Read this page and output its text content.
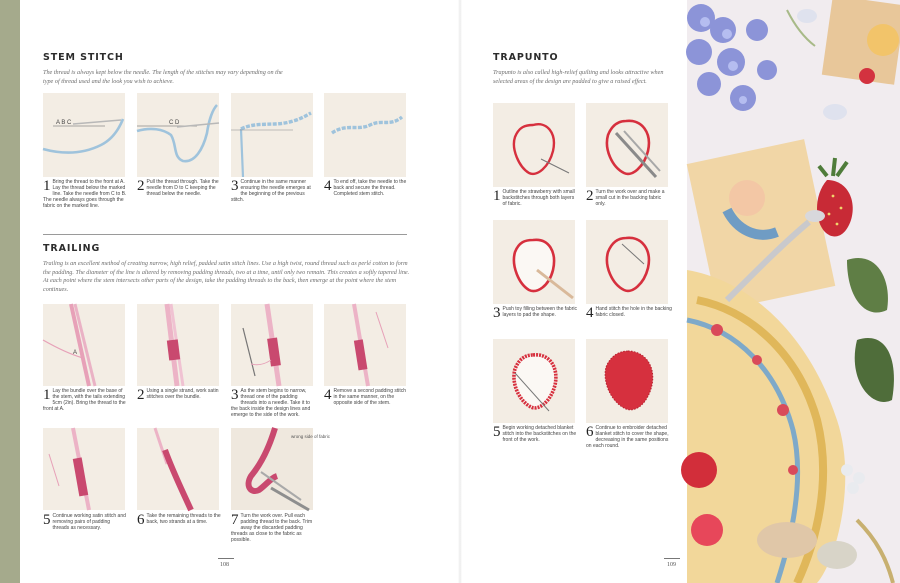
STEM STITCH
The thread is always kept below the needle. The length of the stitches may vary depending on the type of thread used and the look you wish to achieve.
A B C	C D
1 Bring the thread to the front at A. Lay the thread below the marked line. Take the needle from C to B. The needle always goes through the fabric on the marked line.
2 Pull the thread through. Take the needle from D to C keeping the thread below the needle.
3 Continue in the same manner ensuring the needle emerges at the beginning of the previous stitch.
4 To end off, take the needle to the back and secure the thread. Completed stem stitch.
TRAILING
Trailing is an excellent method of creating narrow, high relief, padded satin stitch lines. Use a high twist, round thread such as perlé cotton to form the padding. The diameter of the line is altered by removing padding threads, two at a time, until only two remain. This creates a softly tapered line. At each point where the stem intersects other parts of the design, take the padding threads to the back, then emerge at the point where the stem continues.
A
1 Lay the bundle over the base of the stem, with the tails extending 5cm (2in). Bring the thread to the front at A.
2 Using a single strand, work satin stitches over the bundle.	3 As the stem begins to narrow, thread one of the padding threads into a needle. Take it to the back inside the design lines and emerge to the side of the work.
4 Remove a second padding stitch in the same manner, on the opposite side of the stem.
wrong side of fabric
5 Continue working satin stitch and removing pairs of padding threads as necessary.
6 Take the remaining threads to the back, two strands at a time.	7 Turn the work over. Pull each padding thread to the back. Trim away the discarded padding threads as close to the fabric as possible.
108
TRAPUNTO
Trapunto is also called high-relief quilting and looks attractive when selected areas of the design are padded to give a raised effect.
1 Outline the strawberry with small backstitches through both layers of fabric.
2 Turn the work over and make a small cut in the backing fabric only.
3 Push toy filling between the fabric layers to pad the shape.	4 Hand stitch the hole in the backing fabric closed.
5 Begin working detached blanket stitch into the backstitches on the front of the work.
6 Continue to embroider detached blanket stitch to cover the shape, decreasing in the same positions on each round.
109
